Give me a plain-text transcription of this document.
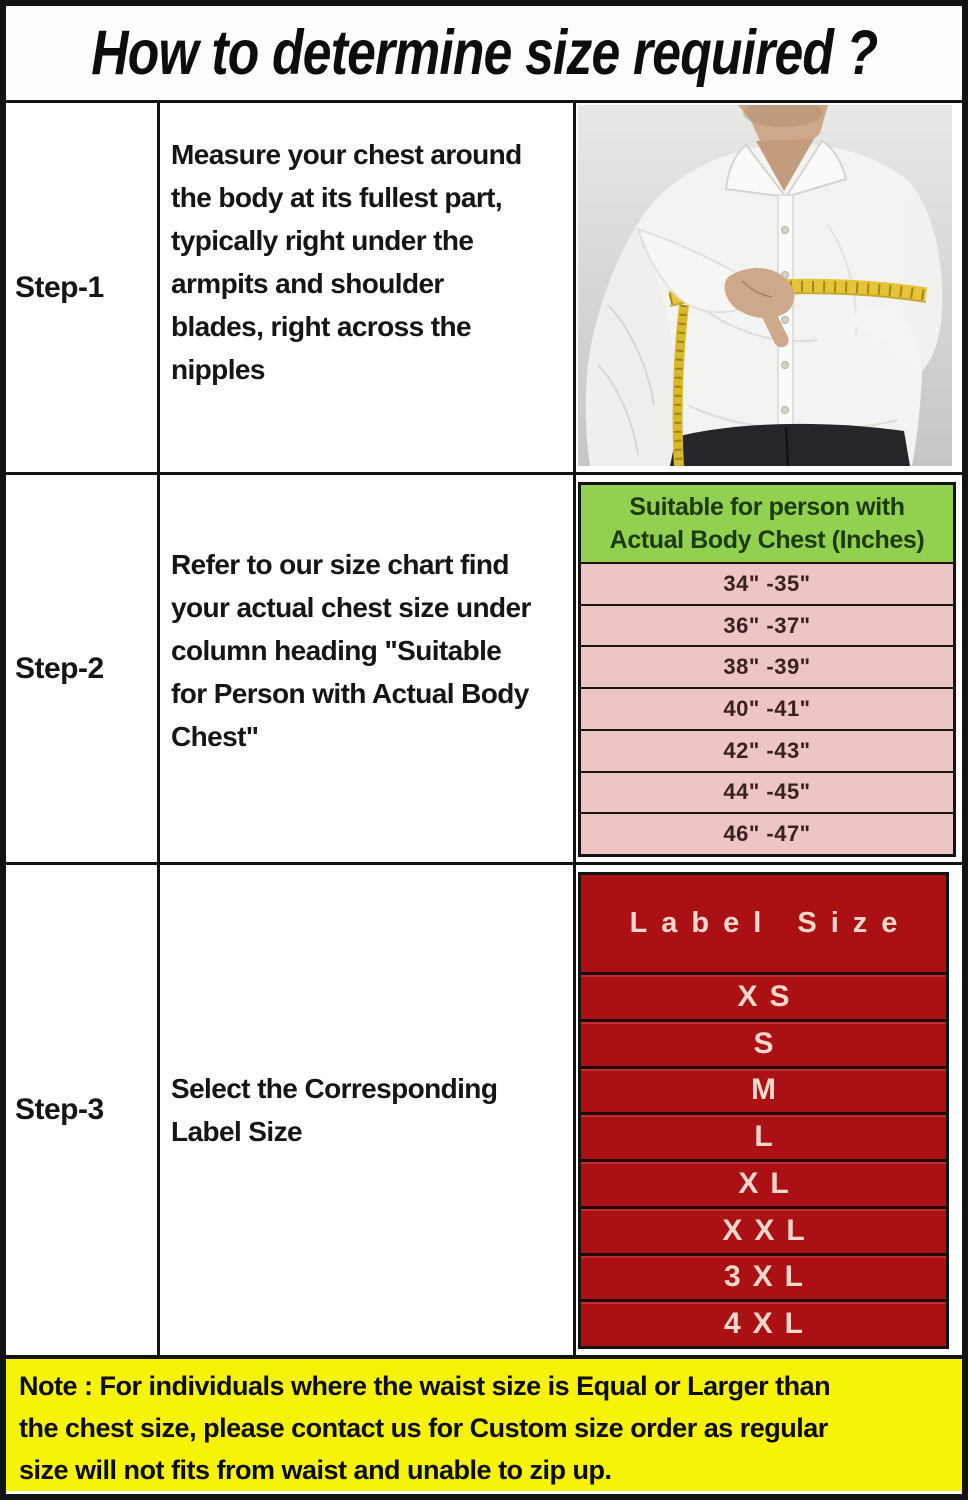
How to determine size required ?
Step-1
Measure your chest around
the body at its fullest part,
typically right under the
armpits and shoulder
blades, right across the
nipples
Step-2
Refer to our size chart find
your actual chest size under
column heading "Suitable
for Person with Actual Body
Chest"
Suitable for person with
Actual Body Chest (Inches)
34" -35"
36" -37"
38" -39"
40" -41"
42" -43"
44" -45"
46" -47"
Step-3
Select the Corresponding
Label Size
Label Size
XS
S
M
L
XL
XXL
3XL
4XL
Note : For individuals where the waist size is Equal or Larger than
the chest size, please contact us for Custom size order as regular
size will not fits from waist and unable to zip up.
